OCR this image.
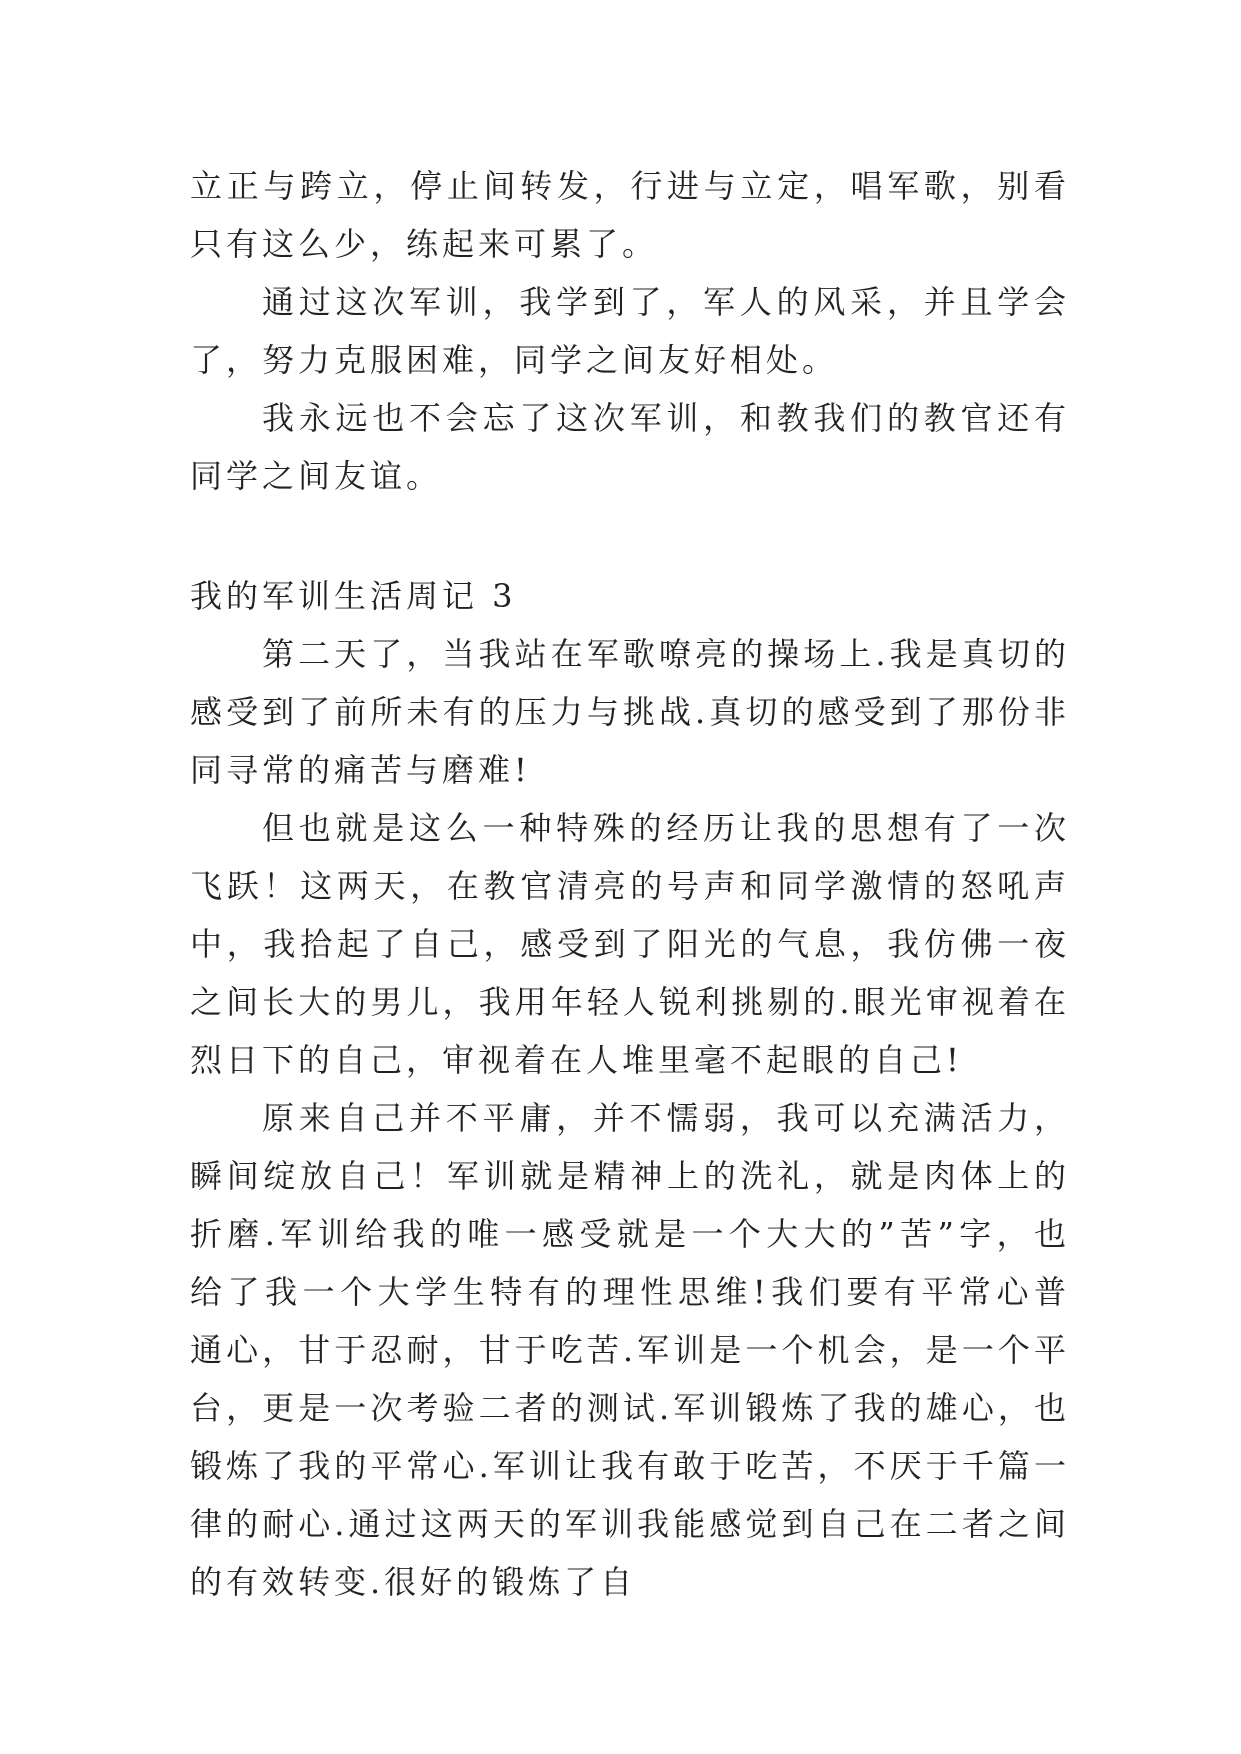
立正与跨立，停止间转发，行进与立定，唱军歌，别看只有这么少，练起来可累了。

通过这次军训，我学到了，军人的风采，并且学会了，努力克服困难，同学之间友好相处。

我永远也不会忘了这次军训，和教我们的教官还有同学之间友谊。

我的军训生活周记 3

第二天了，当我站在军歌嘹亮的操场上.我是真切的感受到了前所未有的压力与挑战.真切的感受到了那份非同寻常的痛苦与磨难!

但也就是这么一种特殊的经历让我的思想有了一次飞跃！这两天，在教官清亮的号声和同学激情的怒吼声中，我拾起了自己，感受到了阳光的气息，我仿佛一夜之间长大的男儿，我用年轻人锐利挑剔的.眼光审视着在烈日下的自己，审视着在人堆里毫不起眼的自己!

原来自己并不平庸，并不懦弱，我可以充满活力，瞬间绽放自己！军训就是精神上的洗礼，就是肉体上的折磨.军训给我的唯一感受就是一个大大的”苦”字，也给了我一个大学生特有的理性思维!我们要有平常心普通心，甘于忍耐，甘于吃苦.军训是一个机会，是一个平台，更是一次考验二者的测试.军训锻炼了我的雄心，也锻炼了我的平常心.军训让我有敢于吃苦，不厌于千篇一律的耐心.通过这两天的军训我能感觉到自己在二者之间的有效转变.很好的锻炼了自
